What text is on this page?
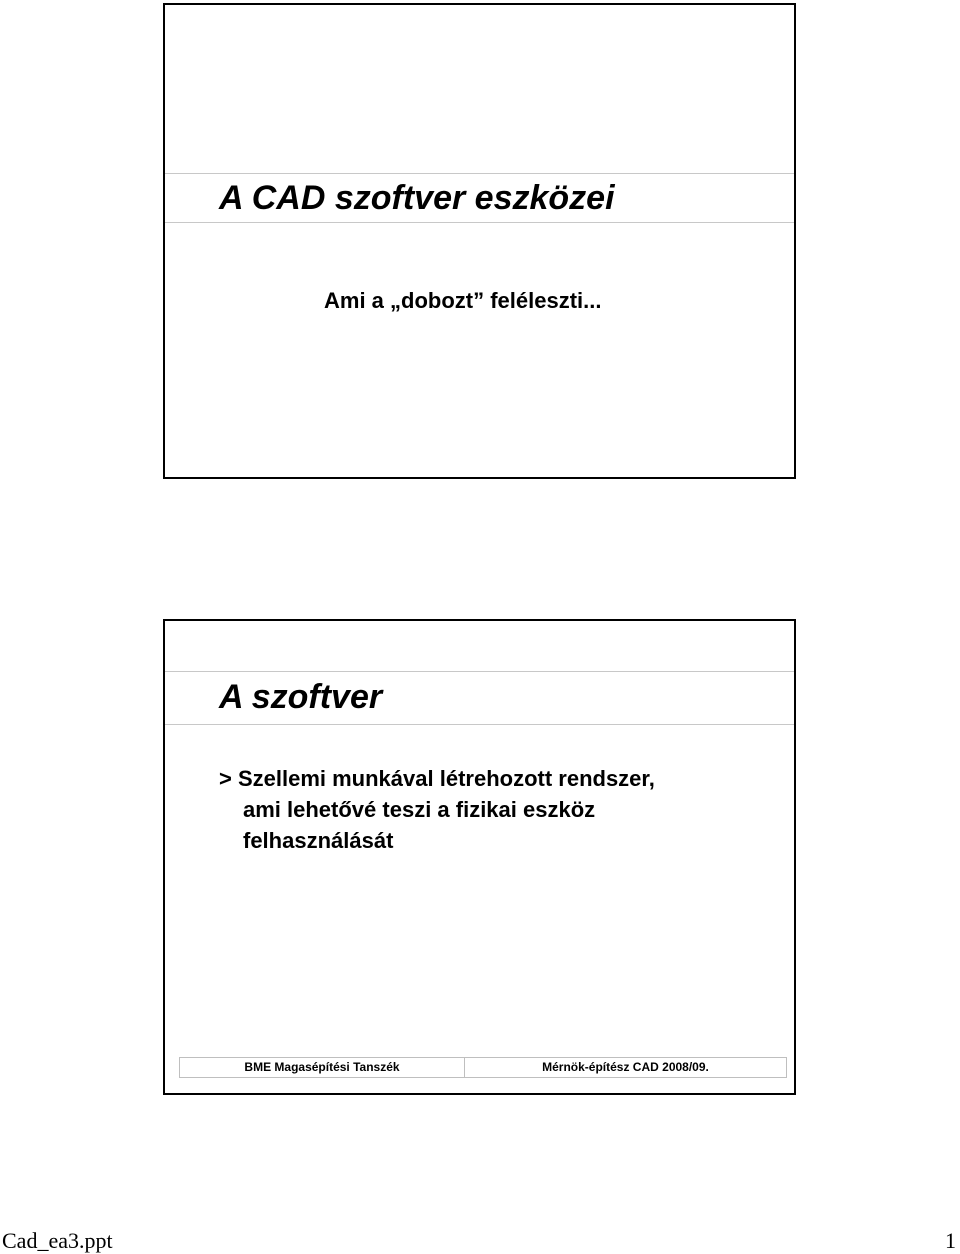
A CAD szoftver eszközei
Ami a „dobozt” feléleszti...
A szoftver
> Szellemi munkával létrehozott rendszer,
ami lehetővé teszi a fizikai eszköz
felhasználását
BME Magasépítési Tanszék	Mérnök-építész CAD 2008/09.
Cad_ea3.ppt	1
